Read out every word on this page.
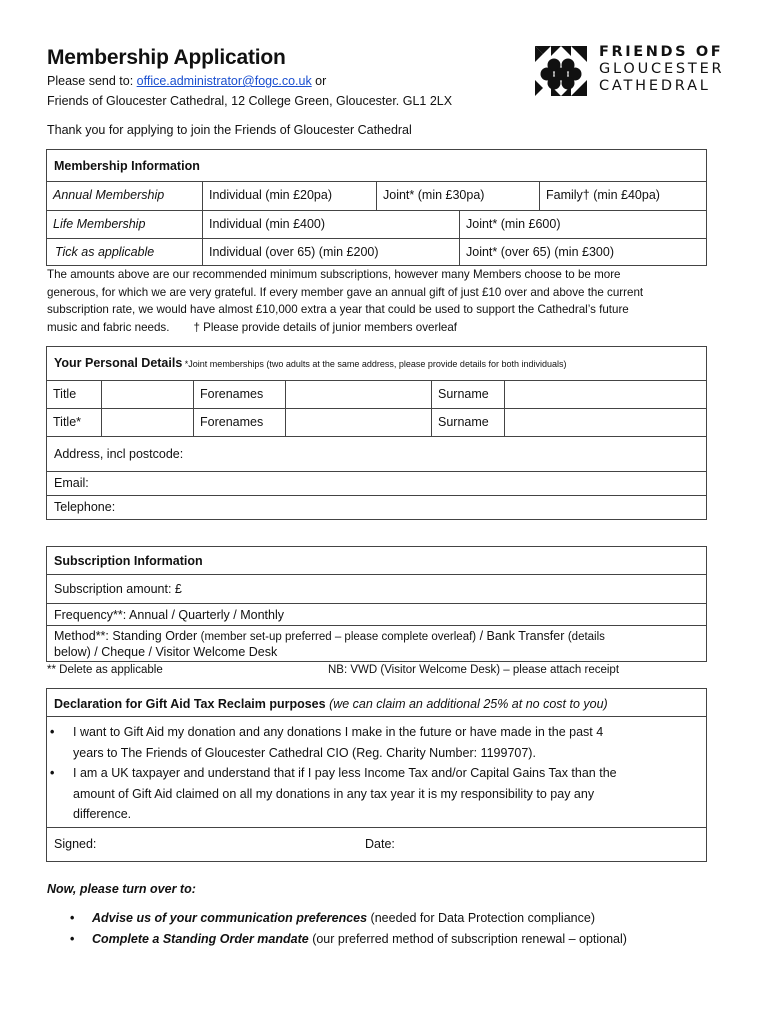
Membership Application
Please send to: office.administrator@fogc.co.uk or
Friends of Gloucester Cathedral, 12 College Green, Gloucester. GL1 2LX
Thank you for applying to join the Friends of Gloucester Cathedral
FRIENDS OF
GLOUCESTER
CATHEDRAL
Membership Information
Annual Membership	Individual (min £20pa)	Joint* (min £30pa)	Family† (min £40pa)
Life Membership	Individual (min £400)	Joint* (min £600)
Tick as applicable	Individual (over 65) (min £200)	Joint* (over 65) (min £300)
The amounts above are our recommended minimum subscriptions, however many Members choose to be more
generous, for which we are very grateful. If every member gave an annual gift of just £10 over and above the current
subscription rate, we would have almost £10,000 extra a year that could be used to support the Cathedral’s future
music and fabric needs. † Please provide details of junior members overleaf
Your Personal Details *Joint memberships (two adults at the same address, please provide details for both individuals)
Title	Forenames	Surname
Title*	Forenames	Surname
Address, incl postcode:
Email:
Telephone:
Subscription Information
Subscription amount: £
Frequency**: Annual / Quarterly / Monthly
Method**: Standing Order (member set-up preferred – please complete overleaf) / Bank Transfer (details
below) / Cheque / Visitor Welcome Desk
** Delete as applicable	NB: VWD (Visitor Welcome Desk) – please attach receipt
Declaration for Gift Aid Tax Reclaim purposes (we can claim an additional 25% at no cost to you)
Signed:	Date:
• I want to Gift Aid my donation and any donations I make in the future or have made in the past 4
years to The Friends of Gloucester Cathedral CIO (Reg. Charity Number: 1199707).
• I am a UK taxpayer and understand that if I pay less Income Tax and/or Capital Gains Tax than the
amount of Gift Aid claimed on all my donations in any tax year it is my responsibility to pay any
difference.
Now, please turn over to:
• Advise us of your communication preferences (needed for Data Protection compliance)
• Complete a Standing Order mandate (our preferred method of subscription renewal – optional)
